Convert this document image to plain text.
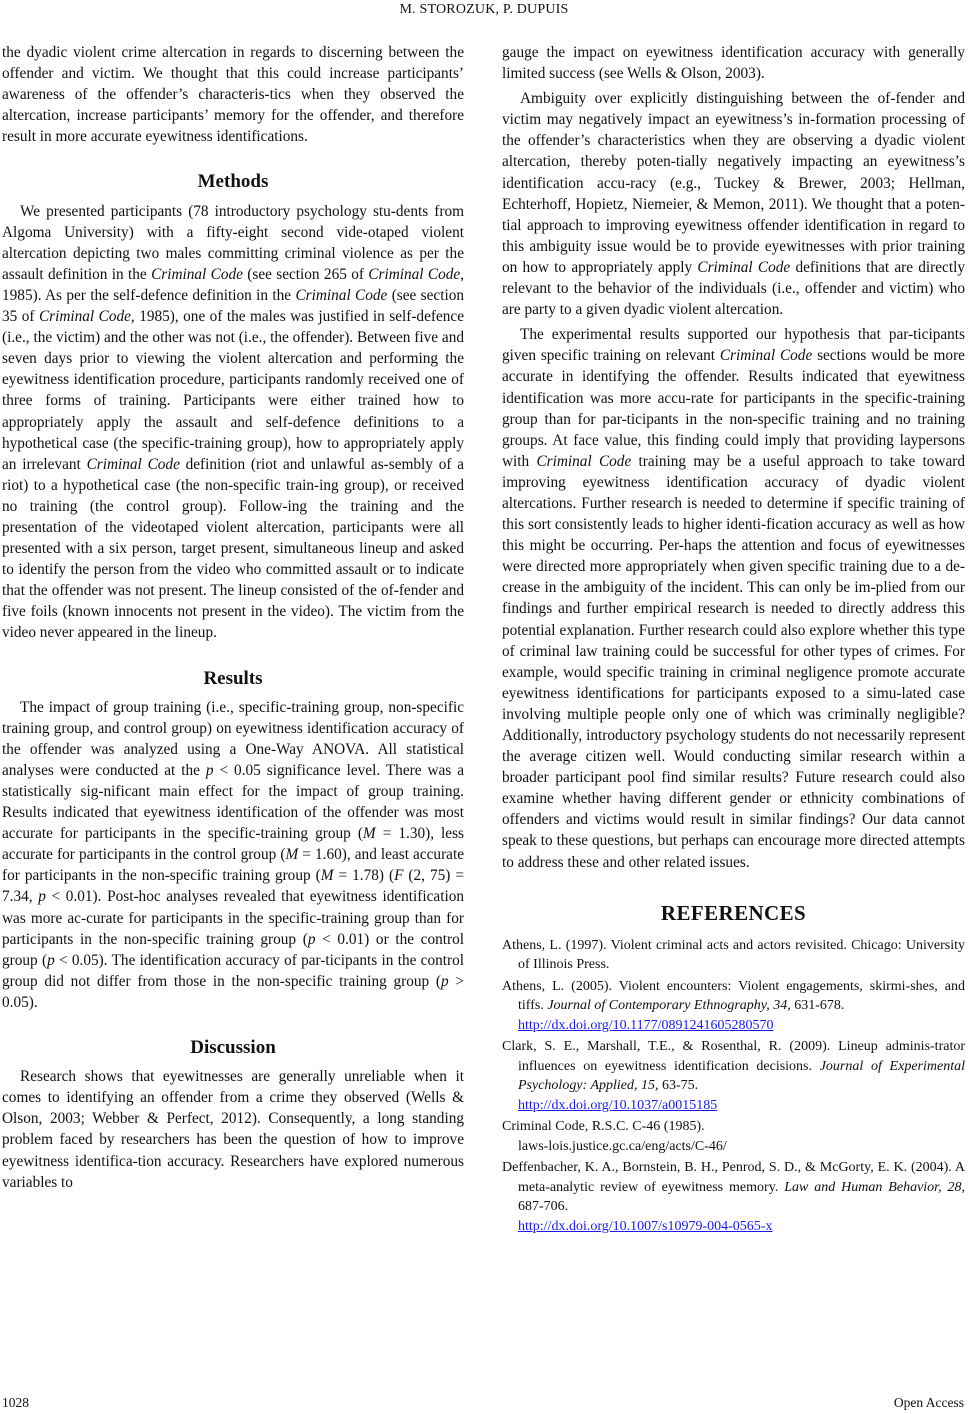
M. STOROZUK, P. DUPUIS

the dyadic violent crime altercation in regards to discerning between the offender and victim. We thought that this could increase participants’ awareness of the offender’s characteris-tics when they observed the altercation, increase participants’ memory for the offender, and therefore result in more accurate eyewitness identifications.

Methods

We presented participants (78 introductory psychology stu-dents from Algoma University) with a fifty-eight second vide-otaped violent altercation depicting two males committing criminal violence as per the assault definition in the Criminal Code (see section 265 of Criminal Code, 1985). As per the self-defence definition in the Criminal Code (see section 35 of Criminal Code, 1985), one of the males was justified in self-defence (i.e., the victim) and the other was not (i.e., the offender). Between five and seven days prior to viewing the violent altercation and performing the eyewitness identification procedure, participants randomly received one of three forms of training. Participants were either trained how to appropriately apply the assault and self-defence definitions to a hypothetical case (the specific-training group), how to appropriately apply an irrelevant Criminal Code definition (riot and unlawful as-sembly of a riot) to a hypothetical case (the non-specific train-ing group), or received no training (the control group). Follow-ing the training and the presentation of the videotaped violent altercation, participants were all presented with a six person, target present, simultaneous lineup and asked to identify the person from the video who committed assault or to indicate that the offender was not present. The lineup consisted of the of-fender and five foils (known innocents not present in the video). The victim from the video never appeared in the lineup.

Results

The impact of group training (i.e., specific-training group, non-specific training group, and control group) on eyewitness identification accuracy of the offender was analyzed using a One-Way ANOVA. All statistical analyses were conducted at the p < 0.05 significance level. There was a statistically sig-nificant main effect for the impact of group training. Results indicated that eyewitness identification of the offender was most accurate for participants in the specific-training group (M = 1.30), less accurate for participants in the control group (M = 1.60), and least accurate for participants in the non-specific training group (M = 1.78) (F (2, 75) = 7.34, p < 0.01). Post-hoc analyses revealed that eyewitness identification was more ac-curate for participants in the specific-training group than for participants in the non-specific training group (p < 0.01) or the control group (p < 0.05). The identification accuracy of par-ticipants in the control group did not differ from those in the non-specific training group (p > 0.05).

Discussion

Research shows that eyewitnesses are generally unreliable when it comes to identifying an offender from a crime they observed (Wells & Olson, 2003; Webber & Perfect, 2012). Consequently, a long standing problem faced by researchers has been the question of how to improve eyewitness identifica-tion accuracy. Researchers have explored numerous variables to

gauge the impact on eyewitness identification accuracy with generally limited success (see Wells & Olson, 2003).

Ambiguity over explicitly distinguishing between the of-fender and victim may negatively impact an eyewitness’s in-formation processing of the offender’s characteristics when they are observing a dyadic violent altercation, thereby poten-tially negatively impacting an eyewitness’s identification accu-racy (e.g., Tuckey & Brewer, 2003; Hellman, Echterhoff, Hopietz, Niemeier, & Memon, 2011). We thought that a poten-tial approach to improving eyewitness offender identification in regard to this ambiguity issue would be to provide eyewitnesses with prior training on how to appropriately apply Criminal Code definitions that are directly relevant to the behavior of the individuals (i.e., offender and victim) who are party to a given dyadic violent altercation.

The experimental results supported our hypothesis that par-ticipants given specific training on relevant Criminal Code sections would be more accurate in identifying the offender. Results indicated that eyewitness identification was more accu-rate for participants in the specific-training group than for par-ticipants in the non-specific training and no training groups. At face value, this finding could imply that providing laypersons with Criminal Code training may be a useful approach to take toward improving eyewitness identification accuracy of dyadic violent altercations. Further research is needed to determine if specific training of this sort consistently leads to higher identi-fication accuracy as well as how this might be occurring. Per-haps the attention and focus of eyewitnesses were directed more appropriately when given specific training due to a de-crease in the ambiguity of the incident. This can only be im-plied from our findings and further empirical research is needed to directly address this potential explanation. Further research could also explore whether this type of criminal law training could be successful for other types of crimes. For example, would specific training in criminal negligence promote accurate eyewitness identifications for participants exposed to a simu-lated case involving multiple people only one of which was criminally negligible? Additionally, introductory psychology students do not necessarily represent the average citizen well. Would conducting similar research within a broader participant pool find similar results? Future research could also examine whether having different gender or ethnicity combinations of offenders and victims would result in similar findings? Our data cannot speak to these questions, but perhaps can encourage more directed attempts to address these and other related issues.

REFERENCES

Athens, L. (1997). Violent criminal acts and actors revisited. Chicago: University of Illinois Press.

Athens, L. (2005). Violent encounters: Violent engagements, skirmi-shes, and tiffs. Journal of Contemporary Ethnography, 34, 631-678.
http://dx.doi.org/10.1177/0891241605280570

Clark, S. E., Marshall, T.E., & Rosenthal, R. (2009). Lineup adminis-trator influences on eyewitness identification decisions. Journal of Experimental Psychology: Applied, 15, 63-75.
http://dx.doi.org/10.1037/a0015185

Criminal Code, R.S.C. C-46 (1985).
laws-lois.justice.gc.ca/eng/acts/C-46/

Deffenbacher, K. A., Bornstein, B. H., Penrod, S. D., & McGorty, E. K. (2004). A meta-analytic review of eyewitness memory. Law and Human Behavior, 28, 687-706.
http://dx.doi.org/10.1007/s10979-004-0565-x

1028	Open Access
